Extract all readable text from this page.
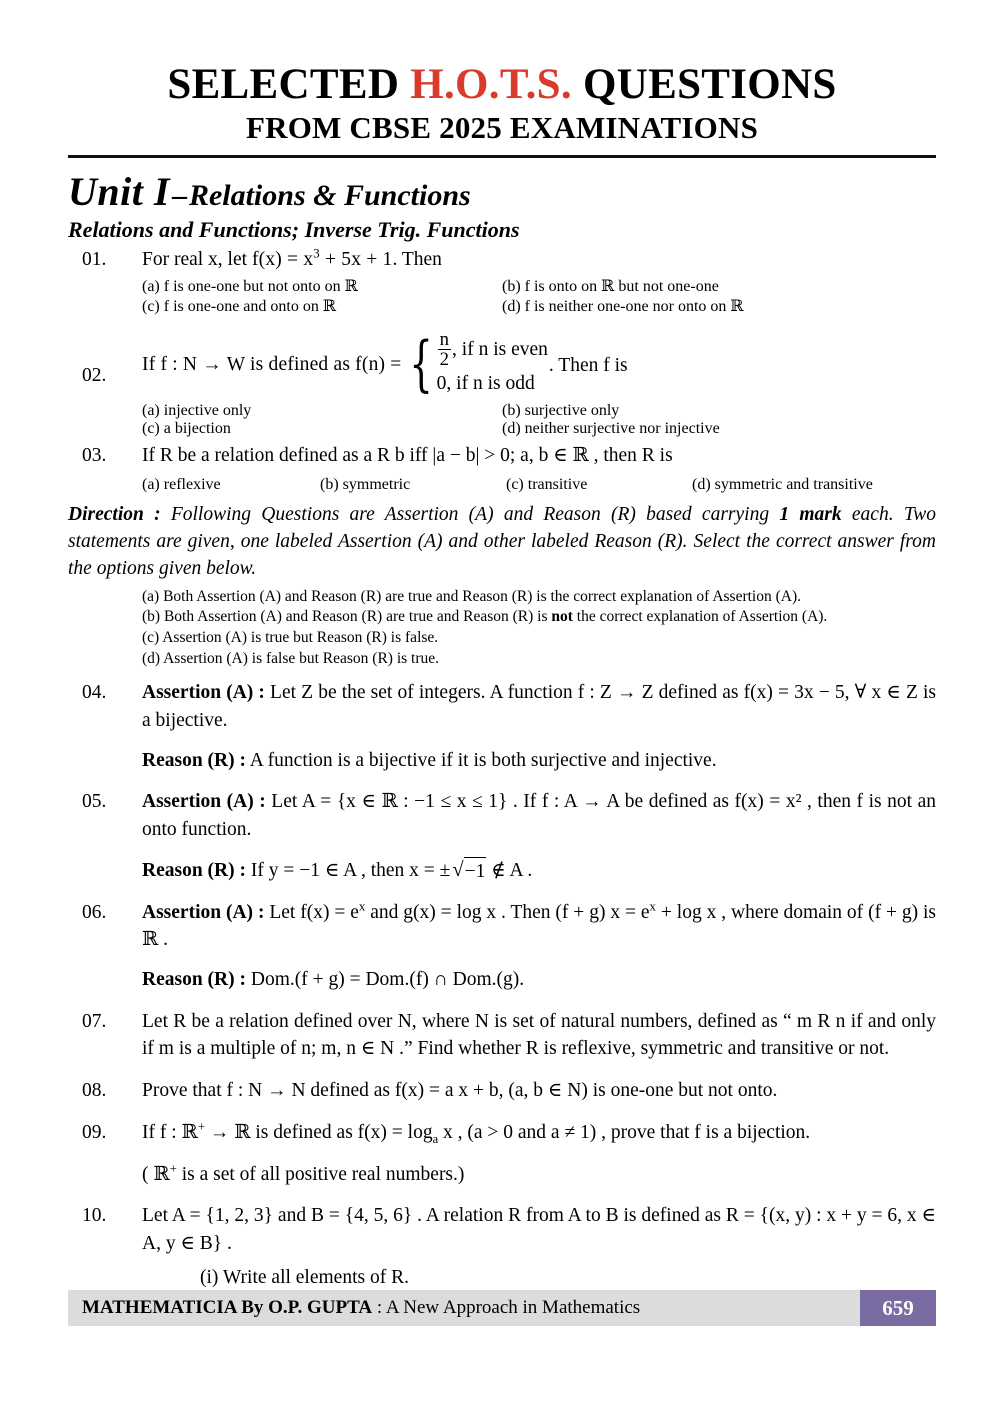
SELECTED H.O.T.S. QUESTIONS
FROM CBSE 2025 EXAMINATIONS
Unit I–Relations & Functions
Relations and Functions; Inverse Trig. Functions
01.	For real x, let $f(x) = x^3 + 5x + 1$. Then
(a) f is one-one but not onto on ℝ	(b) f is onto on ℝ but not one-one
(c) f is one-one and onto on ℝ	(d) f is neither one-one nor onto on ℝ
02.
If f : N → W is defined as f(n) = { $\frac{n}{2}$ , if n is even
0, if n is odd
. Then f is
(a) injective only	(b) surjective only
(c) a bijection	(d) neither surjective nor injective
03.	If R be a relation defined as a R b iff |a − b| > 0; a, b ∈ ℝ , then R is
(a) reflexive	(b) symmetric	(c) transitive	(d) symmetric and transitive
Direction : Following Questions are Assertion (A) and Reason (R) based carrying 1 mark each. Two statements are given, one labeled Assertion (A) and other labeled Reason (R). Select the correct answer from the options given below.
(a) Both Assertion (A) and Reason (R) are true and Reason (R) is the correct explanation of Assertion (A).
(b) Both Assertion (A) and Reason (R) are true and Reason (R) is not the correct explanation of Assertion (A).
(c) Assertion (A) is true but Reason (R) is false.
(d) Assertion (A) is false but Reason (R) is true.
04.	Assertion (A) : Let Z be the set of integers. A function f : Z → Z defined as f(x) = 3x − 5, ∀ x ∈ Z is a bijective.
Reason (R) : A function is a bijective if it is both surjective and injective.
05.	Assertion (A) : Let A = {x ∈ ℝ : −1 ≤ x ≤ 1} . If f : A → A be defined as f(x) = x² , then f is not an onto function.
Reason (R) : If y = −1 ∈ A , then x = ±√−1 ∉ A .
06.	Assertion (A) : Let $f(x) = e^x$ and g(x) = log x . Then (f + g) $x = e^x + \log x$ , where domain of (f + g) is ℝ .
Reason (R) : Dom.(f + g) = Dom.(f) ∩ Dom.(g).
07.	Let R be a relation defined over N, where N is set of natural numbers, defined as “ m R n if and only if m is a multiple of n; m, n ∈ N .” Find whether R is reflexive, symmetric and transitive or not.
08.	Prove that f : N → N defined as f(x) = a x + b, (a, b ∈ N) is one-one but not onto.
09.	If f : ℝ+ → ℝ is defined as $f(x) = \log_a x$ , (a > 0 and a ≠ 1) , prove that f is a bijection.
( ℝ+ is a set of all positive real numbers.)
10.	Let A = {1, 2, 3} and B = {4, 5, 6} . A relation R from A to B is defined as R = {(x, y) : x + y = 6, x ∈ A, y ∈ B} .
(i) Write all elements of R.
MATHEMATICIA By O.P. GUPTA : A New Approach in Mathematics	659
